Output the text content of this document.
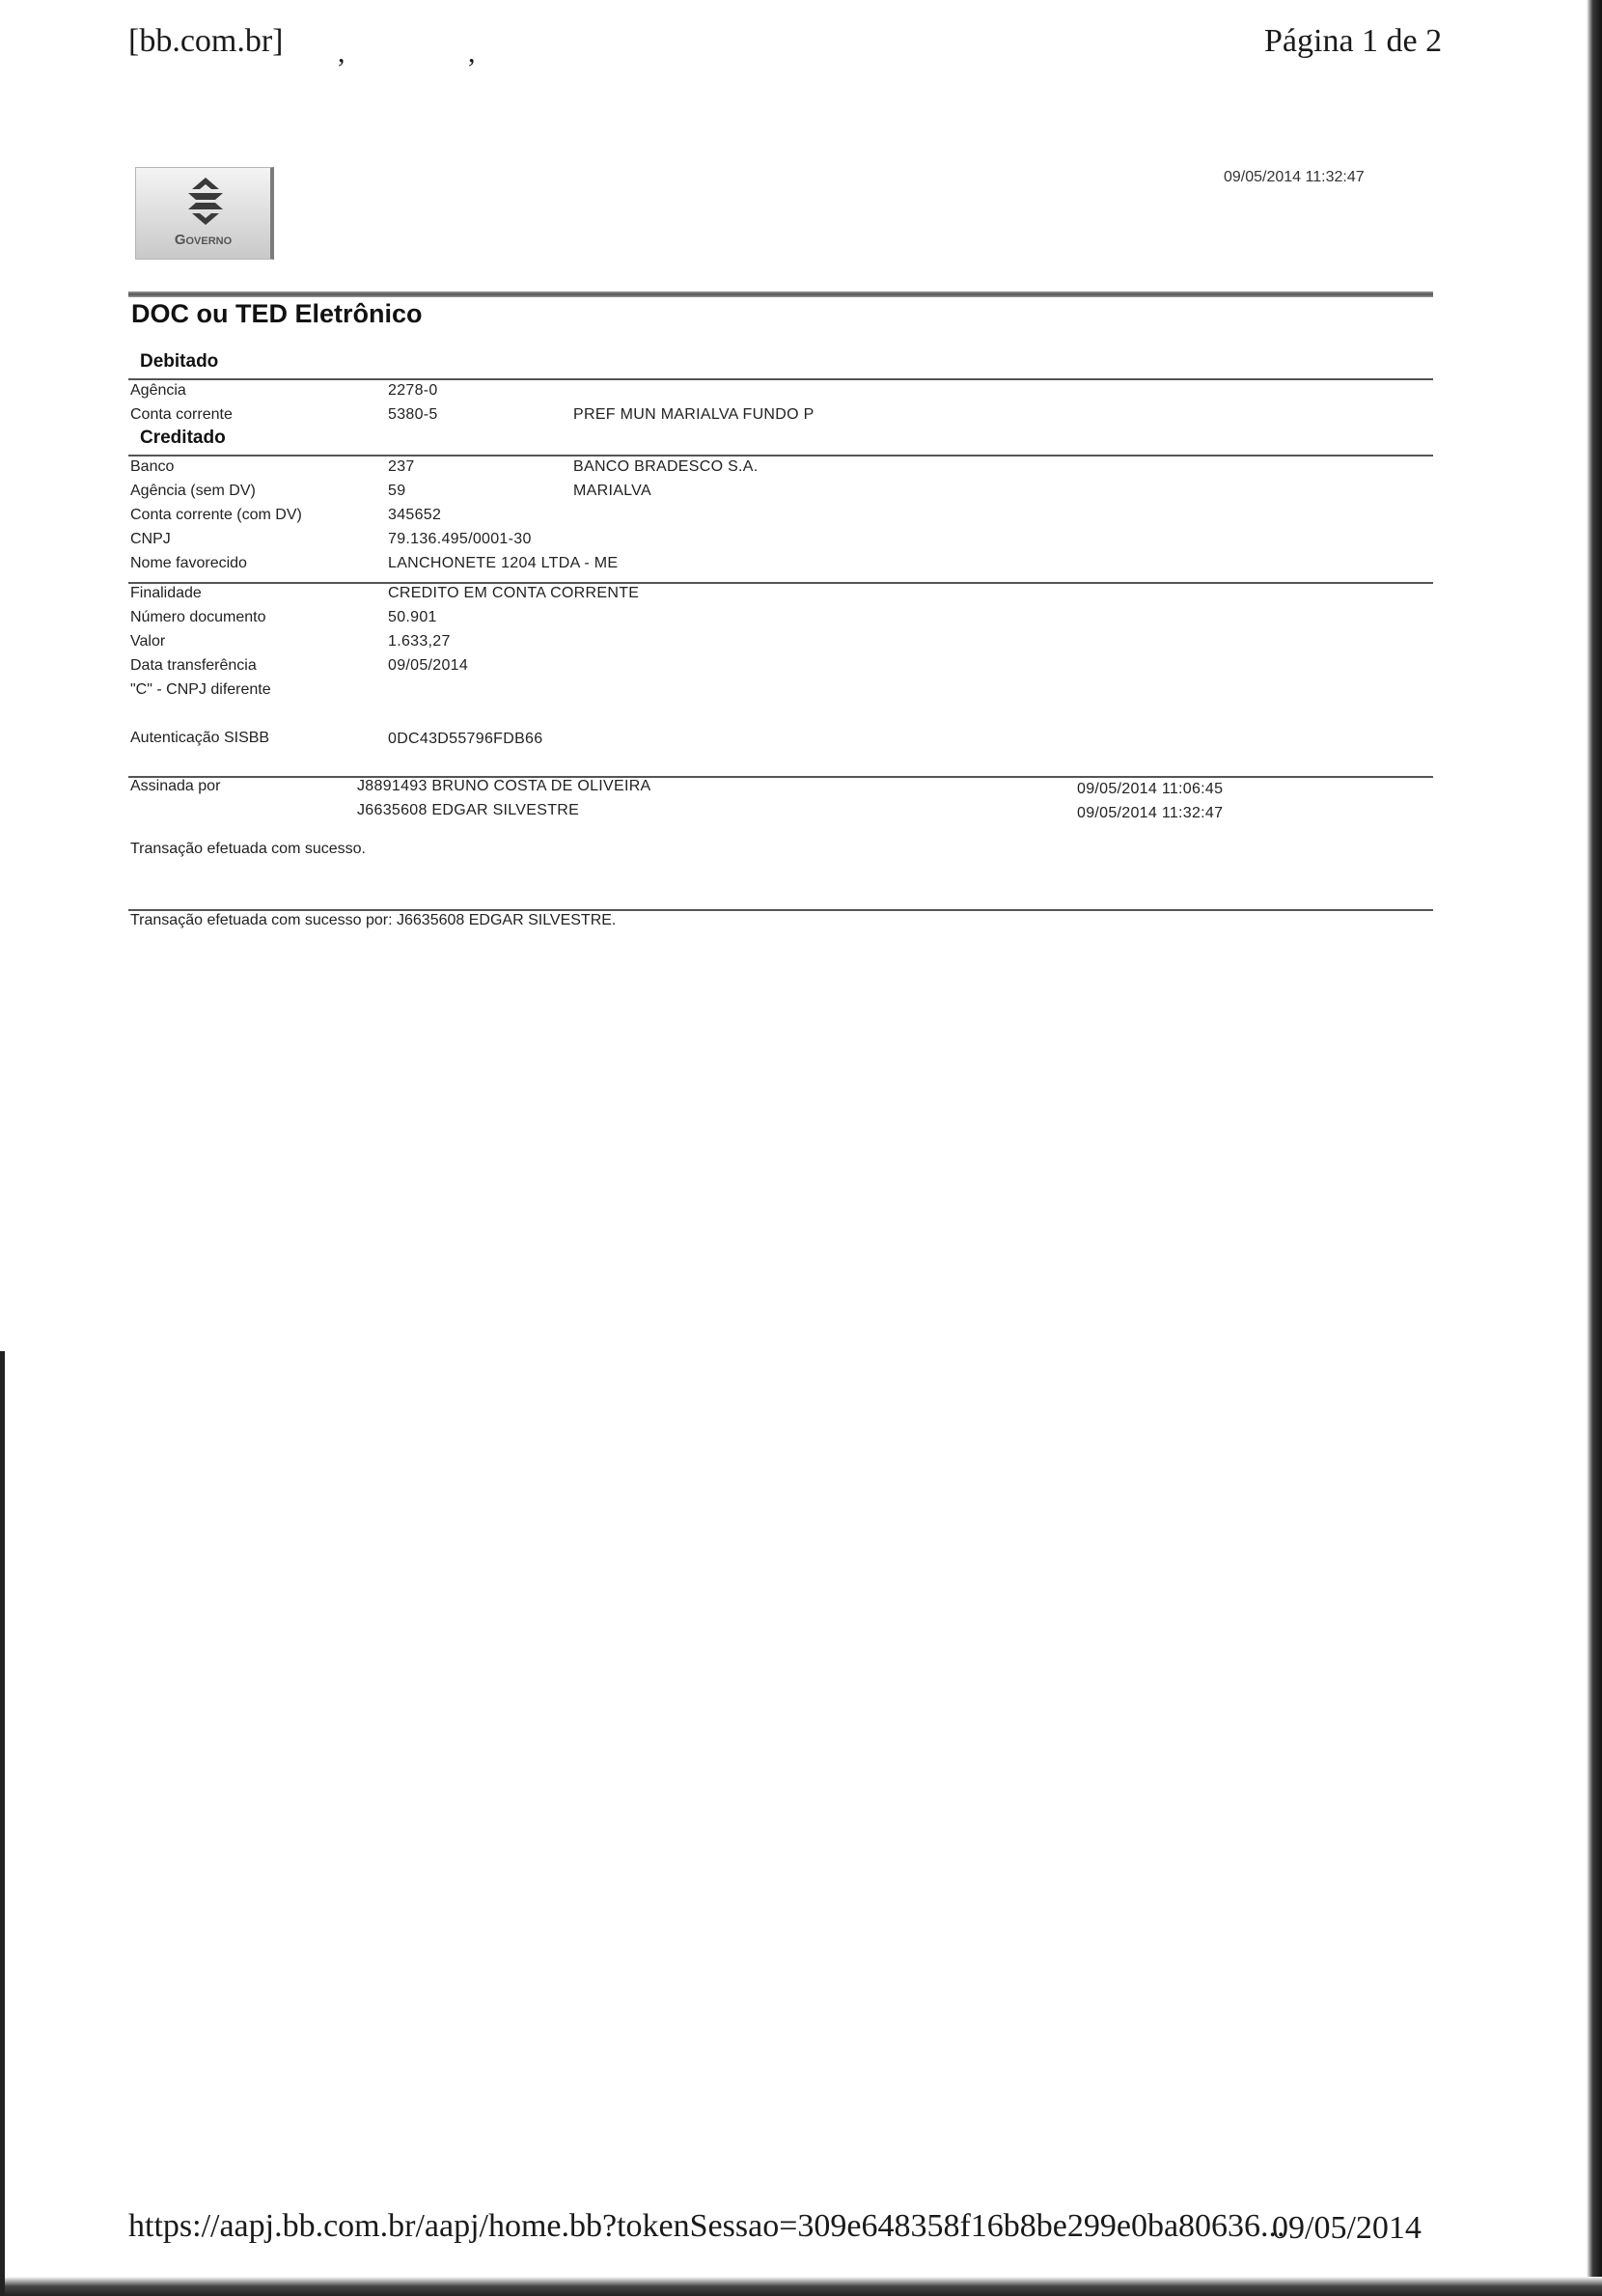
[bb.com.br] , ,	Página 1 de 2
09/05/2014 11:32:47
Governo
DOC ou TED Eletrônico
Debitado
Agência	2278-0
Conta corrente	5380-5	PREF MUN MARIALVA FUNDO P
Creditado
Banco	237	BANCO BRADESCO S.A.
Agência (sem DV)	59	MARIALVA
Conta corrente (com DV)	345652
CNPJ	79.136.495/0001-30
Nome favorecido	LANCHONETE 1204 LTDA - ME
Finalidade	CREDITO EM CONTA CORRENTE
Número documento	50.901
Valor	1.633,27
Data transferência	09/05/2014
"C" - CNPJ diferente
Autenticação SISBB	0DC43D55796FDB66
Assinada por	J8891493 BRUNO COSTA DE OLIVEIRA	09/05/2014 11:06:45
J6635608 EDGAR SILVESTRE	09/05/2014 11:32:47
Transação efetuada com sucesso.
Transação efetuada com sucesso por: J6635608 EDGAR SILVESTRE.
https://aapj.bb.com.br/aapj/home.bb?tokenSessao=309e648358f16b8be299e0ba80636...
09/05/2014
